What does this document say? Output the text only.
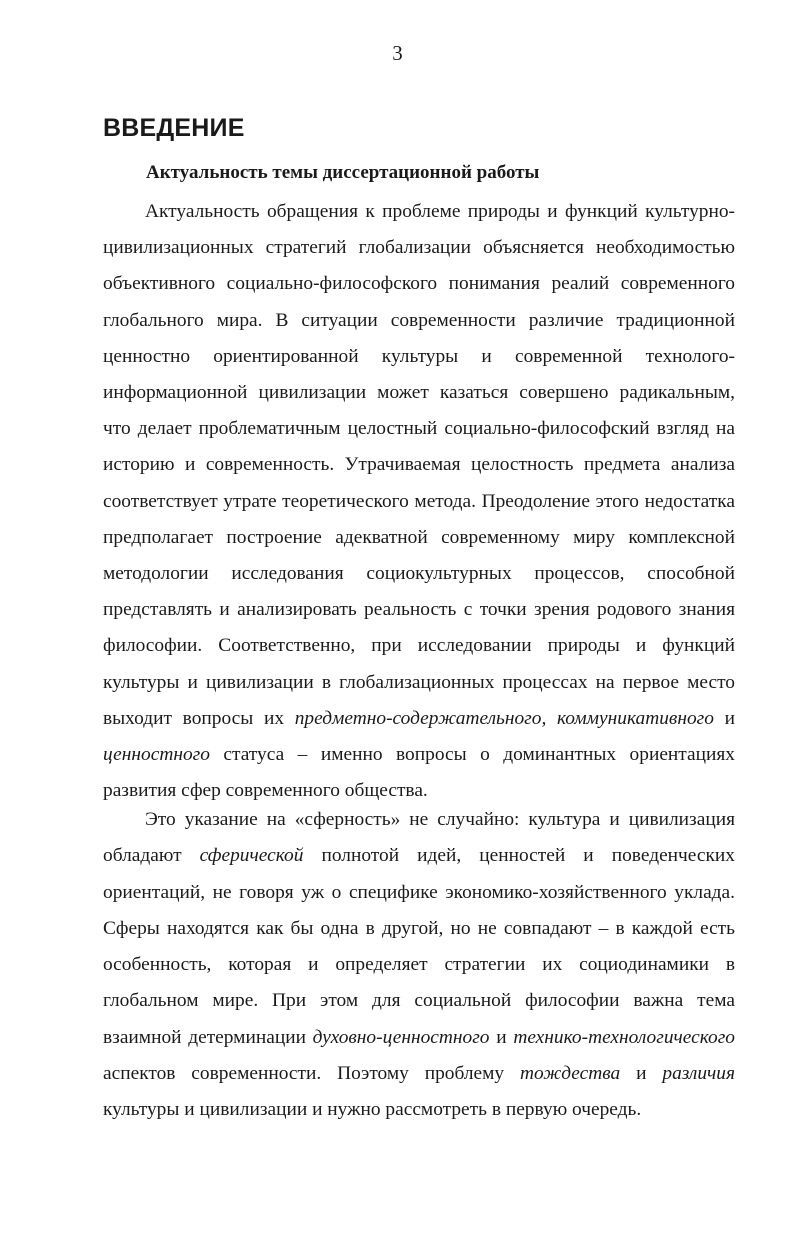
3
ВВЕДЕНИЕ
Актуальность темы диссертационной работы

Актуальность обращения к проблеме природы и функций культурно-цивилизационных стратегий глобализации объясняется необходимостью объективного социально-философского понимания реалий современного глобального мира. В ситуации современности различие традиционной ценностно ориентированной культуры и современной технолого-информационной цивилизации может казаться совершено радикальным, что делает проблематичным целостный социально-философский взгляд на историю и современность. Утрачиваемая целостность предмета анализа соответствует утрате теоретического метода. Преодоление этого недостатка предполагает построение адекватной современному миру комплексной методологии исследования социокультурных процессов, способной представлять и анализировать реальность с точки зрения родового знания философии. Соответственно, при исследовании природы и функций культуры и цивилизации в глобализационных процессах на первое место выходит вопросы их предметно-содержательного, коммуникативного и ценностного статуса – именно вопросы о доминантных ориентациях развития сфер современного общества.

Это указание на «сферность» не случайно: культура и цивилизация обладают сферической полнотой идей, ценностей и поведенческих ориентаций, не говоря уж о специфике экономико-хозяйственного уклада. Сферы находятся как бы одна в другой, но не совпадают – в каждой есть особенность, которая и определяет стратегии их социодинамики в глобальном мире. При этом для социальной философии важна тема взаимной детерминации духовно-ценностного и технико-технологического аспектов современности. Поэтому проблему тождества и различия культуры и цивилизации и нужно рассмотреть в первую очередь.
